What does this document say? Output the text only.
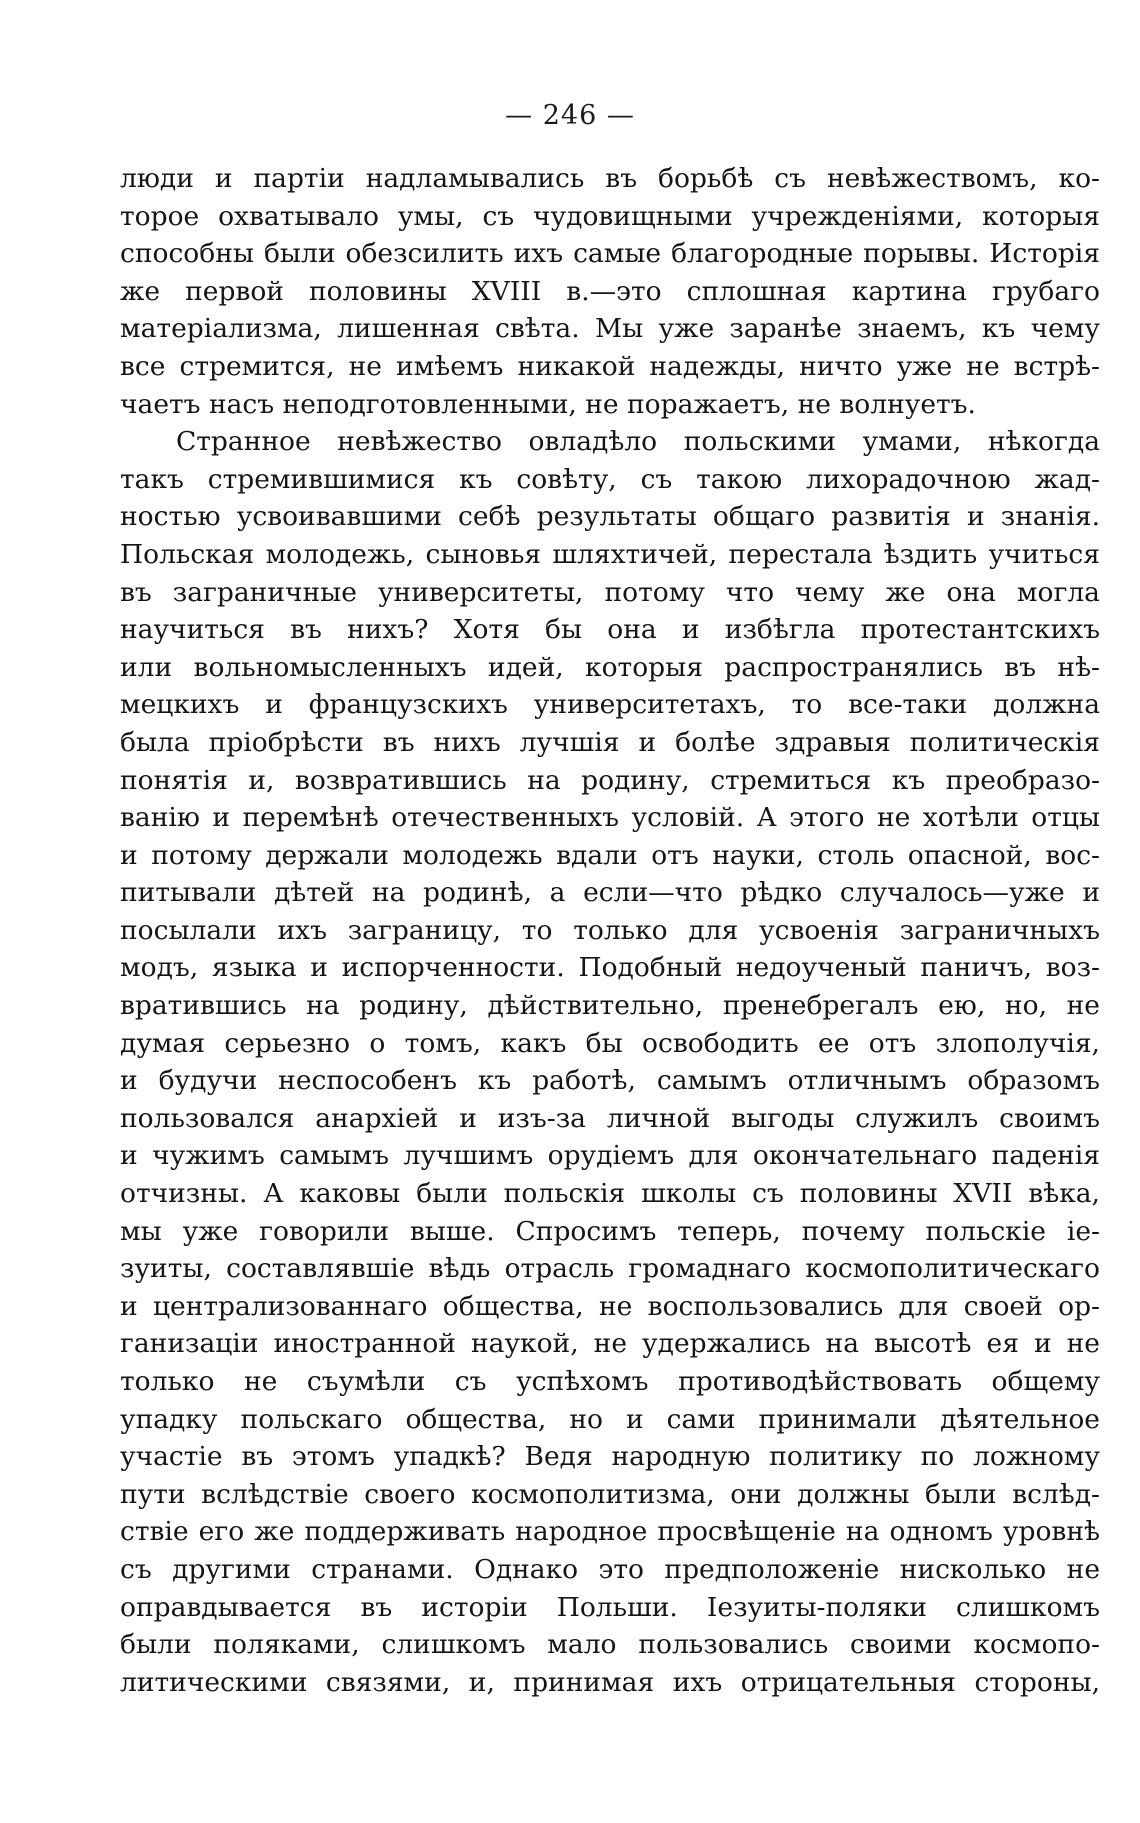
— 246 —
люди и партіи надламывались въ борьбѣ съ невѣжествомъ, ко-
торое охватывало умы, съ чудовищными учрежденіями, которыя
способны были обезсилить ихъ самые благородные порывы. Исторія
же первой половины XVIII в.—это сплошная картина грубаго
матеріализма, лишенная свѣта. Мы уже заранѣе знаемъ, къ чему
все стремится, не имѣемъ никакой надежды, ничто уже не встрѣ-
чаетъ насъ неподготовленными, не поражаетъ, не волнуетъ.
Странное невѣжество овладѣло польскими умами, нѣкогда
такъ стремившимися къ совѣту, съ такою лихорадочною жад-
ностью усвоивавшими себѣ результаты общаго развитія и знанія.
Польская молодежь, сыновья шляхтичей, перестала ѣздить учиться
въ заграничные университеты, потому что чему же она могла
научиться въ нихъ? Хотя бы она и избѣгла протестантскихъ
или вольномысленныхъ идей, которыя распространялись въ нѣ-
мецкихъ и французскихъ университетахъ, то все-таки должна
была пріобрѣсти въ нихъ лучшія и болѣе здравыя политическія
понятія и, возвратившись на родину, стремиться къ преобразо-
ванію и перемѣнѣ отечественныхъ условій. А этого не хотѣли отцы
и потому держали молодежь вдали отъ науки, столь опасной, вос-
питывали дѣтей на родинѣ, а если—что рѣдко случалось—уже и
посылали ихъ заграницу, то только для усвоенія заграничныхъ
модъ, языка и испорченности. Подобный недоученый паничъ, воз-
вратившись на родину, дѣйствительно, пренебрегалъ ею, но, не
думая серьезно о томъ, какъ бы освободить ее отъ злополучія,
и будучи неспособенъ къ работѣ, самымъ отличнымъ образомъ
пользовался анархіей и изъ-за личной выгоды служилъ своимъ
и чужимъ самымъ лучшимъ орудіемъ для окончательнаго паденія
отчизны. А каковы были польскія школы съ половины XVII вѣка,
мы уже говорили выше. Спросимъ теперь, почему польскіе іе-
зуиты, составлявшіе вѣдь отрасль громаднаго космополитическаго
и централизованнаго общества, не воспользовались для своей ор-
ганизаціи иностранной наукой, не удержались на высотѣ ея и не
только не съумѣли съ успѣхомъ противодѣйствовать общему
упадку польскаго общества, но и сами принимали дѣятельное
участіе въ этомъ упадкѣ? Ведя народную политику по ложному
пути вслѣдствіе своего космополитизма, они должны были вслѣд-
ствіе его же поддерживать народное просвѣщеніе на одномъ уровнѣ
съ другими странами. Однако это предположеніе нисколько не
оправдывается въ исторіи Польши. Іезуиты-поляки слишкомъ
были поляками, слишкомъ мало пользовались своими космопо-
литическими связями, и, принимая ихъ отрицательныя стороны,
